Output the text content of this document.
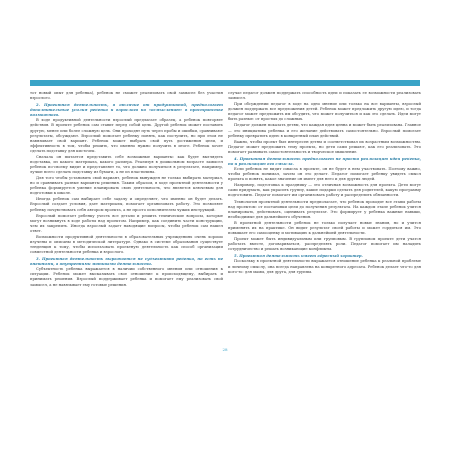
тот новый опыт для ребенка), ребенок не сможет реализовать свой замысел без участия взрослого.

2. Проектная деятельность, в отличие от продуктивной, предполагает дополнительные усилия ребенка и взрослого по «осмыслению» в пространстве возможного.

В ходе продуктивной деятельности взрослый предлагает образец, а ребенок повторяет действия. В проекте ребенок сам ставит перед собой цель. Другой ребенок может поставить другую, менее или более сложную цель. Они проходят путь через пробы и ошибки, сравнивают результаты, обсуждают. Взрослый помогает ребенку понять, как поступить, но при этом не навязывает свой вариант. Ребенок может выбрать свой путь достижения цели, и эффективность в том, чтобы решить, что именно нужно получить в итоге. Ребенок хочет сделать подставку для кисточек.

Сначала он пытается представить себе возможные варианты: как будет выглядеть подставка, из какого материала, какого размера. Реализуя в дошкольном возрасте замысел ребенок по-своему видит и представляет то, что должно получиться в результате, например, лучше всего сделать подставку из бумаги, а не из пластилина.

Для того чтобы установить свой вариант, ребенок вынужден не только выбирать материал, но и сравнивать разные варианты решения. Таким образом, в ходе проектной деятельности у ребенка формируется умение планировать свою деятельность, что является ключевым для подготовки к школе.

Иногда ребенок сам выбирает себе задачу и определяет, что именно он будет делать. Взрослый создает условия, дает материалы, помогает организовать работу. Это позволяет ребенку почувствовать себя автором проекта, а не просто исполнителем чужих инструкций.

Взрослый помогает ребенку учесть все детали и решить технические вопросы, которые могут возникнуть в ходе работы над проектом. Например, как соединить части конструкции, чем их закрепить. Иногда взрослый задает наводящие вопросы, чтобы ребенок сам нашел ответ.

Возможности продуктивной деятельности в образовательных учреждениях очень хорошо изучены и описаны в методической литературе. Однако в системе образования существует тенденция к тому, чтобы использовать проектную деятельность как способ организации совместной деятельности ребенка и взрослого.

3. Проектная деятельность выражается не субъективно ребенка, но есть не внешними, а внутренними мотивами деятельности.

Субъектность ребенка выражается в наличии собственного мнения или отношения к ситуации. Ребенок может высказывать свое отношение к происходящему, выбирать и принимать решения. Взрослый поддерживает ребенка и помогает ему реализовать свой замысел, а не навязывает ему готовые решения.

случае педагог должен поддержать способность идеи и показать ее возможности реализовать замысел.

При обсуждении педагог в ходе на одно мнение или только на все варианты, взрослый должен поддержать все предложения детей. Ребенок может предложить другую идею, и тогда педагог может предложить им обсудить, что может получиться и как это сделать. Идеи могут быть разные: от простых до сложных.

Педагог должен показать детям, что каждая идея ценна и может быть реализована. Главное — это инициатива ребенка и его желание действовать самостоятельно. Взрослый помогает ребенку превратить идею в конкретный план действий.

Важно, чтобы проект был интересен детям и соответствовал их возрастным возможностям. Педагог может предложить тему проекта, но дети сами решают, как его реализовать. Это помогает развивать самостоятельность и творческое мышление.

4. Проектная деятельность предполагает не просто реализацию идеи ребенка, но и реализацию его смысла.

Если ребенок не видит смысла в проекте, он не будет в нем участвовать. Поэтому важно, чтобы ребенок понимал, зачем он это делает. Педагог помогает ребенку увидеть смысл проекта и понять, какое значение он имеет для него и для других людей.

Например, подготовка к празднику — это отличная возможность для проекта. Дети могут сами придумать, как украсить группу, какие подарки сделать для родителей, какую программу подготовить. Педагог помогает им организовать работу и распределить обязанности.

Технология проектной деятельности предполагает, что ребенок проходит все этапы работы над проектом: от постановки цели до получения результата. На каждом этапе ребенок учится планировать, действовать, оценивать результат. Это формирует у ребенка важные навыки, необходимые для дальнейшего обучения.

В проектной деятельности ребенок не только получает новые знания, но и учится применять их на практике. Он видит результат своей работы и может гордиться им. Это повышает его самооценку и мотивацию к дальнейшей деятельности.

Проект может быть индивидуальным или групповым. В групповом проекте дети учатся работать вместе, договариваться, распределять роли. Педагог помогает им наладить сотрудничество и решать возникающие конфликты.

5. Проектная деятельность имеет адресный характер.

Поскольку в проектной деятельности выражается отношение ребенка к реальной проблеме и личному смыслу, она всегда направлена на конкретного адресата. Ребенок делает что-то для кого-то: для мамы, для друга, для группы.

28
